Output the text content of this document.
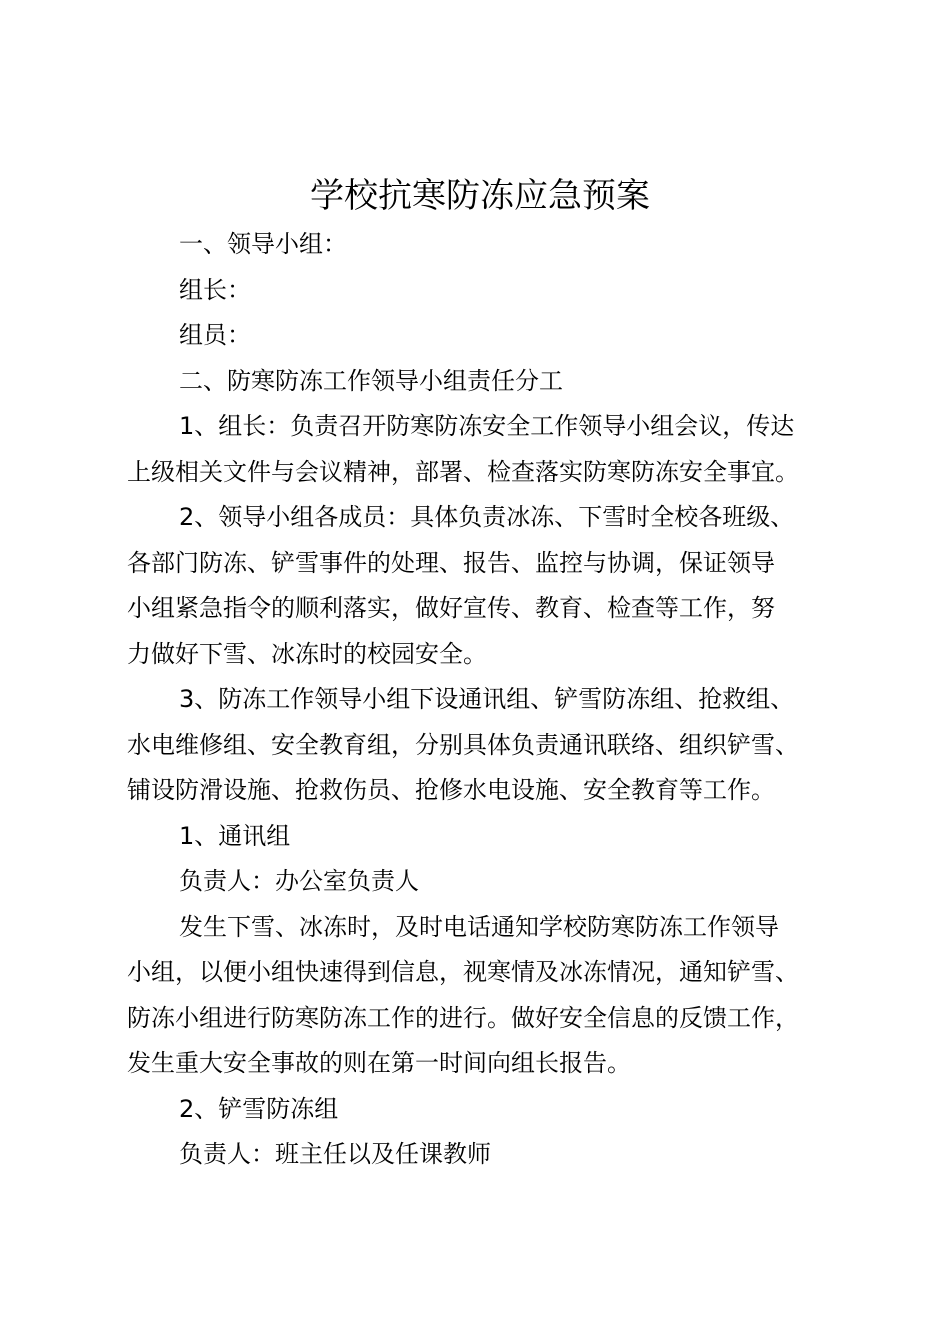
学校抗寒防冻应急预案

一、领导小组：

组长：

组员：

二、防寒防冻工作领导小组责任分工

1、组长：负责召开防寒防冻安全工作领导小组会议，传达
上级相关文件与会议精神，部署、检查落实防寒防冻安全事宜。

2、领导小组各成员：具体负责冰冻、下雪时全校各班级、
各部门防冻、铲雪事件的处理、报告、监控与协调，保证领导
小组紧急指令的顺利落实，做好宣传、教育、检查等工作，努
力做好下雪、冰冻时的校园安全。

3、防冻工作领导小组下设通讯组、铲雪防冻组、抢救组、
水电维修组、安全教育组，分别具体负责通讯联络、组织铲雪、
铺设防滑设施、抢救伤员、抢修水电设施、安全教育等工作。

1、通讯组

负责人：办公室负责人

发生下雪、冰冻时，及时电话通知学校防寒防冻工作领导
小组，以便小组快速得到信息，视寒情及冰冻情况，通知铲雪、
防冻小组进行防寒防冻工作的进行。做好安全信息的反馈工作，
发生重大安全事故的则在第一时间向组长报告。

2、铲雪防冻组

负责人：班主任以及任课教师
